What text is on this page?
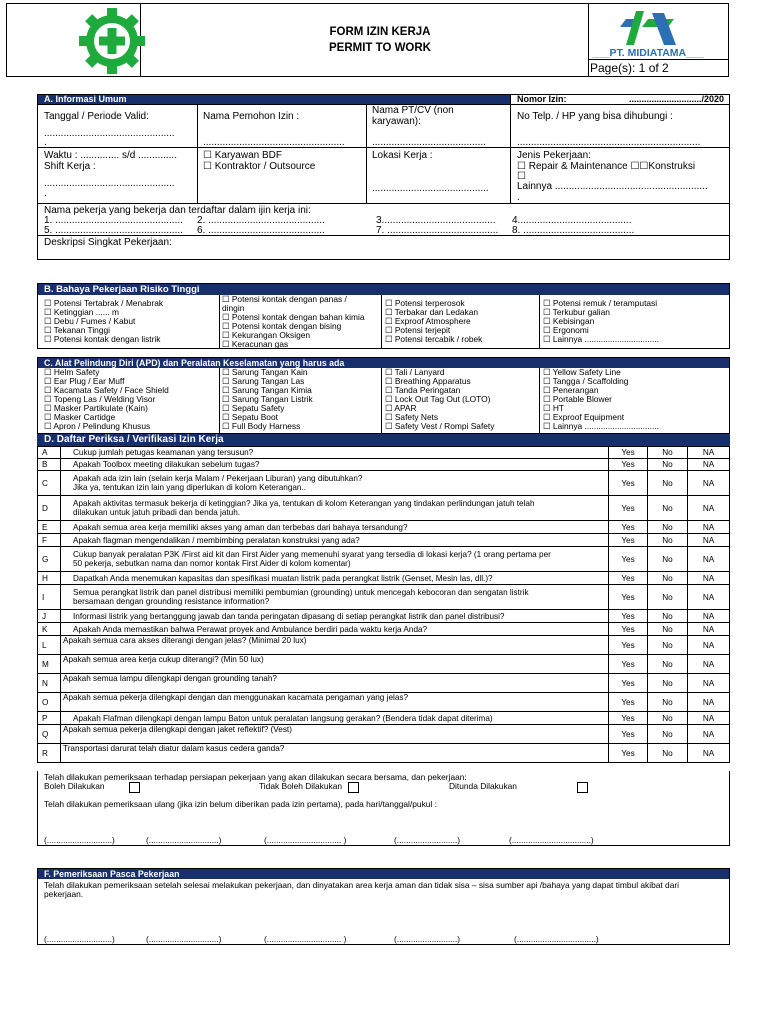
FORM IZIN KERJA
PERMIT TO WORK	___PT. MIDIATAMA___
Page(s): 1 of 2
A. Informasi Umum	Nomor Izin:	............................./2020
Tanggal / Periode Valid:
...............................................
.
Nama Pemohon Izin :
...................................................
Nama PT/CV (non
karyawan):
.........................................
No Telp. / HP yang bisa dihubungi :
..................................................................
Waktu : .............. s/d ..............
Shift Kerja :
...............................................
.
☐ Karyawan BDF
☐ Kontraktor / Outsource
Lokasi Kerja :
..........................................
Jenis Pekerjaan:
☐ Repair & Maintenance ☐☐Konstruksi
☐
Lainnya .......................................................
.
Nama pekerja yang bekerja dan terdaftar dalam ijin kerja ini:
1. .............................................. 2. ..........................................	3......................................... 4.........................................
5. .............................................. 6. ..........................................	7. ........................................ 8. ........................................
Deskripsi Singkat Pekerjaan:
B. Bahaya Pekerjaan Risiko Tinggi
☐ Potensi Tertabrak / Menabrak
☐ Ketinggian ...... m
☐ Debu / Fumes / Kabut
☐ Tekanan Tinggi
☐ Potensi kontak dengan listrik
☐ Potensi kontak dengan panas /
dingin
☐ Potensi kontak dengan bahan kimia
☐ Potensi kontak dengan bising
☐ Kekurangan Oksigen
☐ Keracunan gas
☐ Potensi terperosok
☐ Terbakar dan Ledakan
☐ Exproof Atmosphere
☐ Potensi terjepit
☐ Potensi tercabik / robek
☐ Potensi remuk / teramputasi
☐ Terkubur galian
☐ Kebisingan
☐ Ergonomi
☐ Lainnya ................................
C. Alat Pelindung Diri (APD) dan Peralatan Keselamatan yang harus ada
☐ Helm Safety
☐ Ear Plug / Ear Muff
☐ Kacamata Safety / Face Shield
☐ Topeng Las / Welding Visor
☐ Masker Partikulate (Kain)
☐ Masker Cartidge
☐ Apron / Pelindung Khusus
☐ Sarung Tangan Kain
☐ Sarung Tangan Las
☐ Sarung Tangan Kimia
☐ Sarung Tangan Listrik
☐ Sepatu Safety
☐ Sepatu Boot
☐ Full Body Harness
☐ Tali / Lanyard
☐ Breathing Apparatus
☐ Tanda Peringatan
☐ Lock Out Tag Out (LOTO)
☐ APAR
☐ Safety Nets
☐ Safety Vest / Rompi Safety
☐ Yellow Safety Line
☐ Tangga / Scaffolding
☐ Penerangan
☐ Portable Blower
☐ HT
☐ Exproof Equipment
☐ Lainnya ................................
D. Daftar Periksa / Verifikasi Izin Kerja
A	Cukup jumlah petugas keamanan yang tersusun?	Yes	No	NA
B	Apakah Toolbox meeting dilakukan sebelum tugas?	Yes	No	NA
C	Apakah ada izin lain (selain kerja Malam / Pekerjaan Liburan) yang dibutuhkan?
Jika ya, tentukan izin lain yang diperlukan di kolom Keterangan..	Yes	No	NA
D	Apakah aktivitas termasuk bekerja di ketinggian? Jika ya, tentukan di kolom Keterangan yang tindakan perlindungan jatuh telah
dilakukan untuk jatuh pribadi dan benda jatuh.	Yes	No	NA
E	Apakah semua area kerja memiliki akses yang aman dan terbebas dari bahaya tersandung?	Yes	No	NA
F	Apakah flagman mengendalikan / membimbing peralatan konstruksi yang ada?	Yes	No	NA
G	Cukup banyak peralatan P3K /First aid kit dan First Aider yang memenuhi syarat yang tersedia di lokasi kerja? (1 orang pertama per
50 pekerja, sebutkan nama dan nomor kontak First Aider di kolom komentar)	Yes	No	NA
H	Dapatkah Anda menemukan kapasitas dan spesifikasi muatan listrik pada perangkat listrik (Genset, Mesin las, dll.)?	Yes	No	NA
I	Semua perangkat listrik dan panel distribusi memiliki pembumian (grounding) untuk mencegah kebocoran dan sengatan listrik
bersamaan dengan grounding resistance information?	Yes	No	NA
J	Informasi listrik yang bertanggung jawab dan tanda peringatan dipasang di setiap perangkat listrik dan panel distribusi?	Yes	No	NA
K	Apakah Anda memastikan bahwa Perawat proyek and Ambulance berdiri pada waktu kerja Anda?	Yes	No	NA
L	Apakah semua cara akses diterangi dengan jelas? (Minimal 20 lux)	Yes	No	NA
M	Apakah semua area kerja cukup diterangi? (Min 50 lux)	Yes	No	NA
N	Apakah semua lampu dilengkapi dengan grounding tanah?	Yes	No	NA
O	Apakah semua pekerja dilengkapi dengan dan menggunakan kacamata pengaman yang jelas?	Yes	No	NA
P	Apakah Flafman dilengkapi dengan lampu Baton untuk peralatan langsung gerakan? (Bendera tidak dapat diterima)	Yes	No	NA
Q	Apakah semua pekerja dilengkapi dengan jaket reflektif? (Vest)	Yes	No	NA
R	Transportasi darurat telah diatur dalam kasus cedera ganda?	Yes	No	NA
Telah dilakukan pemeriksaan terhadap persiapan pekerjaan yang akan dilakukan secara bersama, dan pekerjaan:
Boleh Dilakukan	Tidak Boleh Dilakukan	Ditunda Dilakukan
Telah dilakukan pemeriksaan ulang (jika izin belum diberikan pada izin pertama), pada hari/tanggal/pukul :
(............................)	(..............................)	(................................ )	(..........................)	(..................................)
F. Pemeriksaan Pasca Pekerjaan
Telah dilakukan pemeriksaan setelah selesai melakukan pekerjaan, dan dinyatakan area kerja aman dan tidak sisa – sisa sumber api /bahaya yang dapat timbul akibat dari
pekerjaan.
(............................)	(..............................)	(................................ )	(..........................)	(..................................)
